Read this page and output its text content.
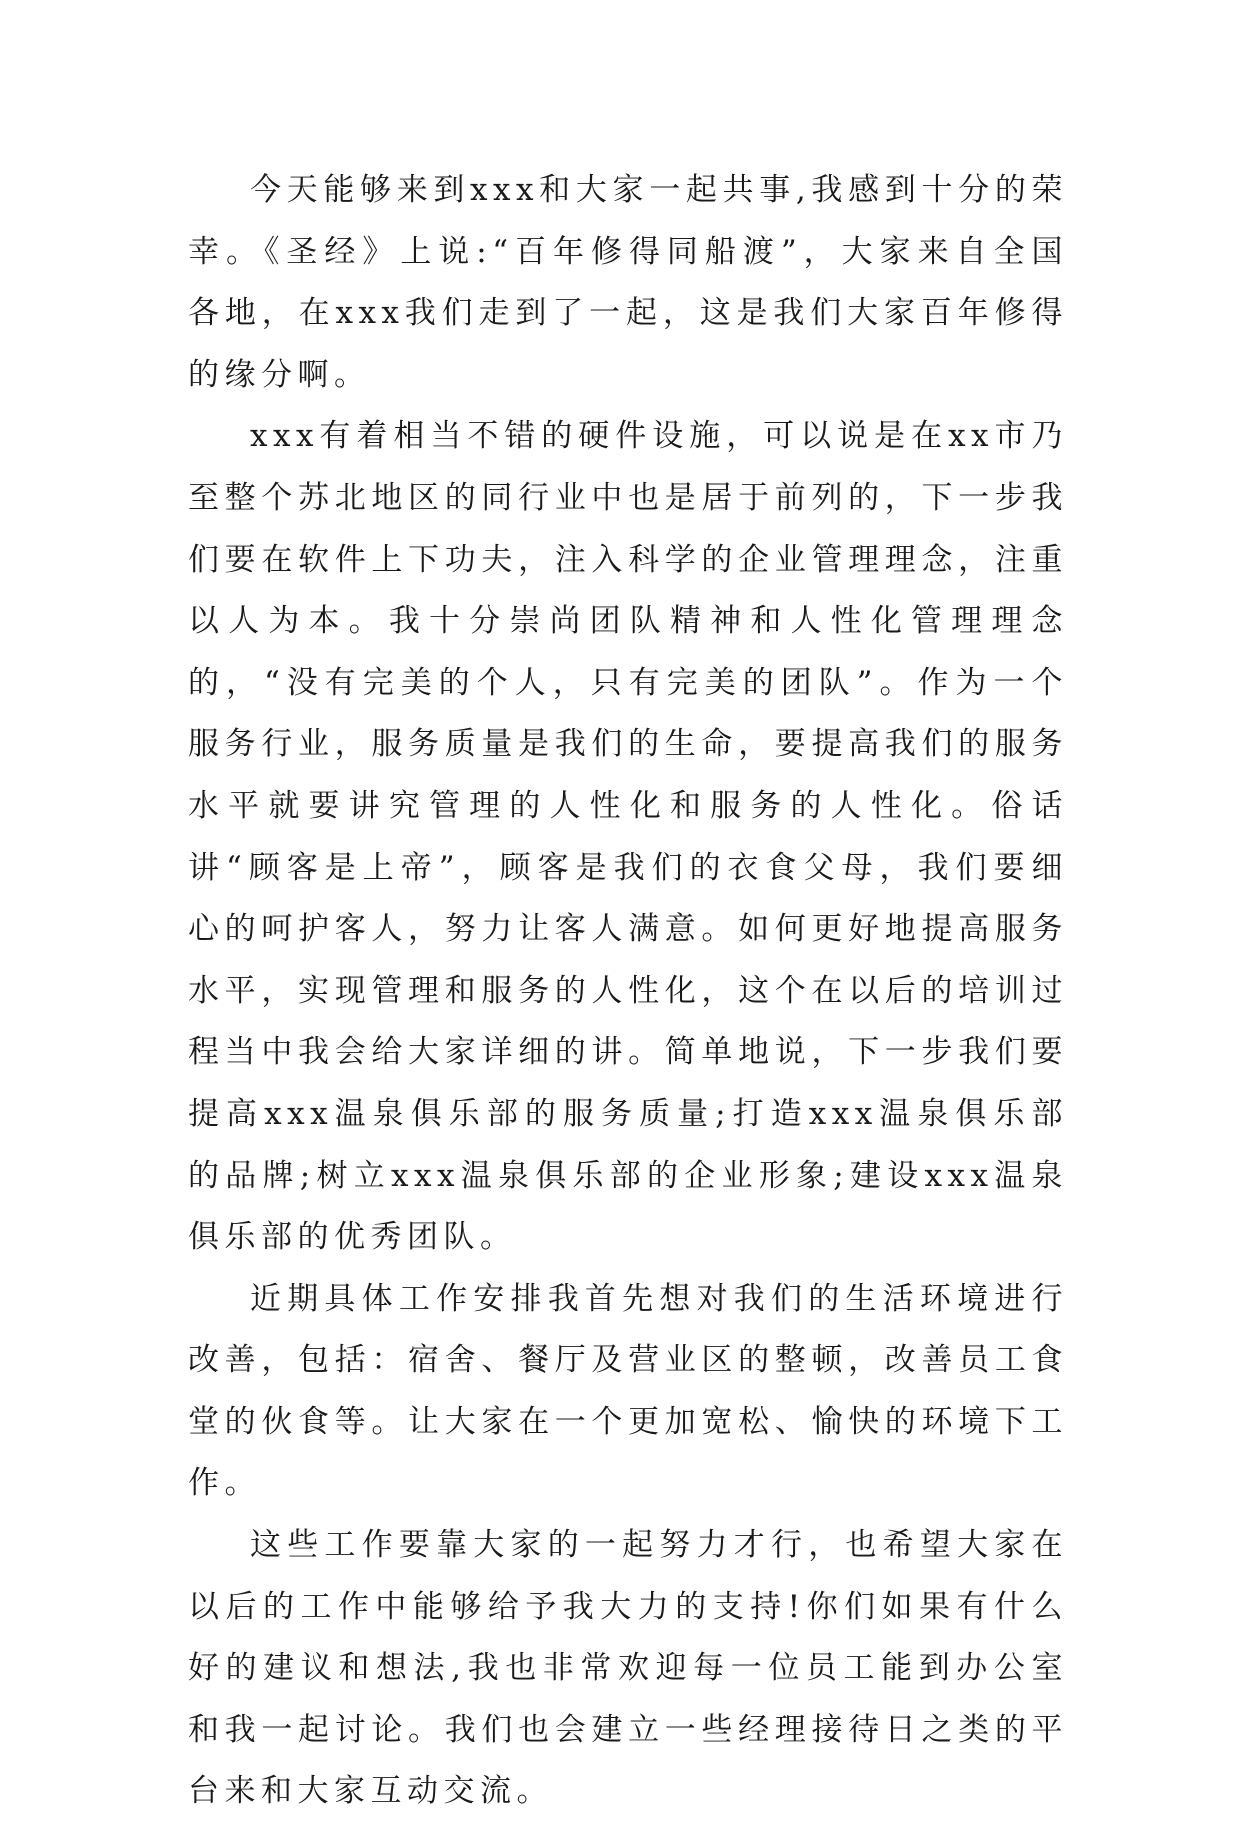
今天能够来到xxx和大家一起共事,我感到十分的荣幸。《圣经》上说:“百年修得同船渡”，大家来自全国各地，在xxx我们走到了一起，这是我们大家百年修得的缘分啊。

xxx有着相当不错的硬件设施，可以说是在xx市乃至整个苏北地区的同行业中也是居于前列的，下一步我们要在软件上下功夫，注入科学的企业管理理念，注重以人为本。我十分崇尚团队精神和人性化管理理念的，“没有完美的个人，只有完美的团队”。作为一个服务行业，服务质量是我们的生命，要提高我们的服务水平就要讲究管理的人性化和服务的人性化。俗话讲“顾客是上帝”，顾客是我们的衣食父母，我们要细心的呵护客人，努力让客人满意。如何更好地提高服务水平，实现管理和服务的人性化，这个在以后的培训过程当中我会给大家详细的讲。简单地说，下一步我们要提高xxx温泉俱乐部的服务质量;打造xxx温泉俱乐部的品牌;树立xxx温泉俱乐部的企业形象;建设xxx温泉俱乐部的优秀团队。

近期具体工作安排我首先想对我们的生活环境进行改善，包括：宿舍、餐厅及营业区的整顿，改善员工食堂的伙食等。让大家在一个更加宽松、愉快的环境下工作。

这些工作要靠大家的一起努力才行，也希望大家在以后的工作中能够给予我大力的支持!你们如果有什么好的建议和想法,我也非常欢迎每一位员工能到办公室和我一起讨论。我们也会建立一些经理接待日之类的平台来和大家互动交流。
